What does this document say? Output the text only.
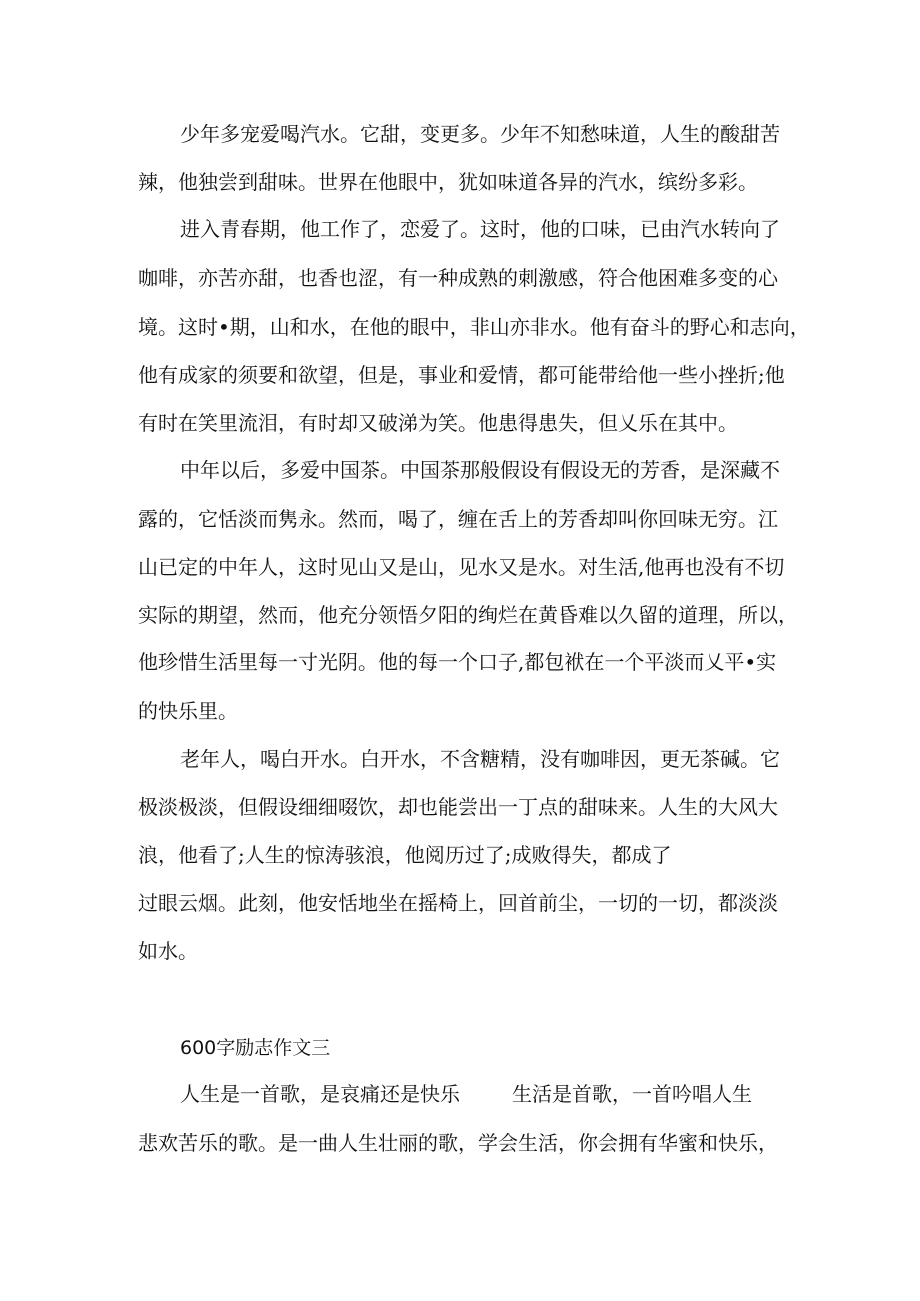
少年多宠爱喝汽水。它甜，变更多。少年不知愁味道，人生的酸甜苦

辣，他独尝到甜味。世界在他眼中，犹如味道各异的汽水，缤纷多彩。

进入青春期，他工作了，恋爱了。这时，他的口味，已由汽水转向了

咖啡，亦苦亦甜，也香也涩，有一种成熟的刺激感，符合他困难多变的心

境。这时•期，山和水，在他的眼中，非山亦非水。他有奋斗的野心和志向，

他有成家的须要和欲望，但是，事业和爱情，都可能带给他一些小挫折;他

有时在笑里流泪，有时却又破涕为笑。他患得患失，但乂乐在其中。

中年以后，多爱中国茶。中国茶那般假设有假设无的芳香，是深藏不

露的，它恬淡而隽永。然而，喝了，缠在舌上的芳香却叫你回味无穷。江

山已定的中年人，这时见山又是山，见水又是水。对生活,他再也没有不切

实际的期望，然而，他充分领悟夕阳的绚烂在黄昏难以久留的道理，所以，

他珍惜生活里每一寸光阴。他的每一个口子,都包袱在一个平淡而乂平•实

的快乐里。

老年人，喝白开水。白开水，不含糖精，没有咖啡因，更无茶碱。它

极淡极淡，但假设细细啜饮，却也能尝出一丁点的甜味来。人生的大风大

浪，他看了;人生的惊涛骇浪，他阅历过了;成败得失，都成了

过眼云烟。此刻，他安恬地坐在摇椅上，回首前尘，一切的一切，都淡淡

如水。

600字励志作文三

人生是一首歌，是哀痛还是快乐	生活是首歌，一首吟唱人生

悲欢苦乐的歌。是一曲人生壮丽的歌，学会生活，你会拥有华蜜和快乐，
